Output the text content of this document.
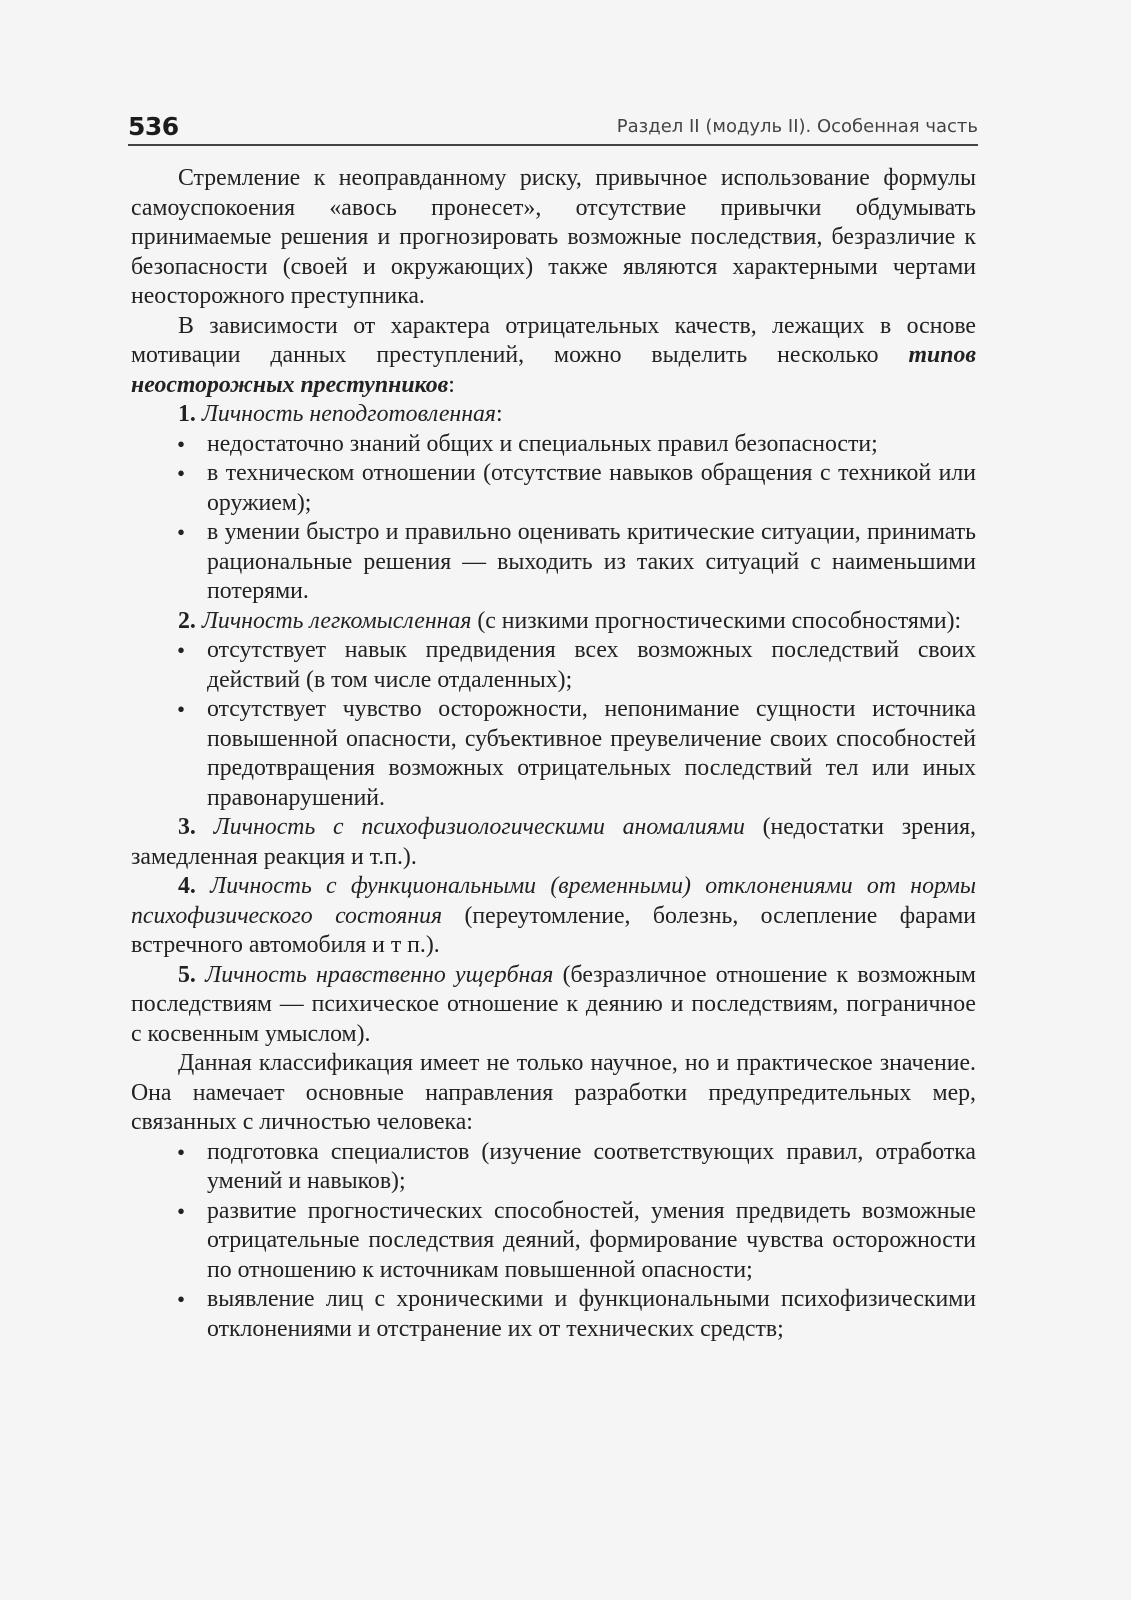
536	Раздел II (модуль II). Особенная часть

Стремление к неоправданному риску, привычное использование формулы самоуспокоения «авось пронесет», отсутствие привычки обдумывать принимаемые решения и прогнозировать возможные последствия, безразличие к безопасности (своей и окружающих) также являются характерными чертами неосторожного преступника.

В зависимости от характера отрицательных качеств, лежащих в основе мотивации данных преступлений, можно выделить несколько типов неосторожных преступников:

1. Личность неподготовленная:

• недостаточно знаний общих и специальных правил безопасности;
• в техническом отношении (отсутствие навыков обращения с техникой или оружием);
• в умении быстро и правильно оценивать критические ситуации, принимать рациональные решения — выходить из таких ситуаций с наименьшими потерями.

2. Личность легкомысленная (с низкими прогностическими способностями):

• отсутствует навык предвидения всех возможных последствий своих действий (в том числе отдаленных);
• отсутствует чувство осторожности, непонимание сущности источника повышенной опасности, субъективное преувеличение своих способностей предотвращения возможных отрицательных последствий тел или иных правонарушений.

3. Личность с психофизиологическими аномалиями (недостатки зрения, замедленная реакция и т.п.).

4. Личность с функциональными (временными) отклонениями от нормы психофизического состояния (переутомление, болезнь, ослепление фарами встречного автомобиля и т п.).

5. Личность нравственно ущербная (безразличное отношение к возможным последствиям — психическое отношение к деянию и последствиям, пограничное с косвенным умыслом).

Данная классификация имеет не только научное, но и практическое значение. Она намечает основные направления разработки предупредительных мер, связанных с личностью человека:

• подготовка специалистов (изучение соответствующих правил, отработка умений и навыков);
• развитие прогностических способностей, умения предвидеть возможные отрицательные последствия деяний, формирование чувства осторожности по отношению к источникам повышенной опасности;
• выявление лиц с хроническими и функциональными психофизическими отклонениями и отстранение их от технических средств;
